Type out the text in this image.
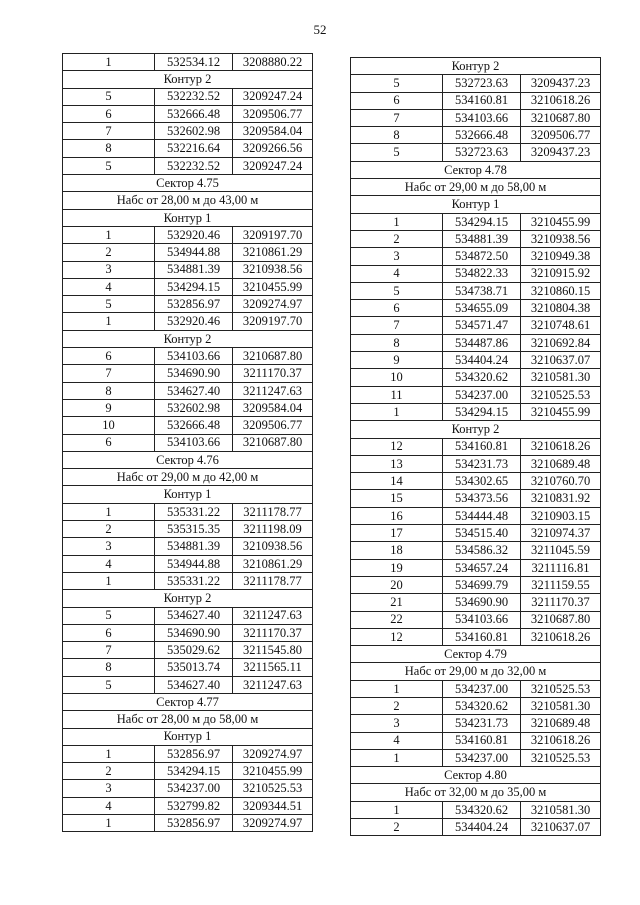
52
1	532534.12	3208880.22
Контур 2		
5	532232.52	3209247.24
6	532666.48	3209506.77
7	532602.98	3209584.04
8	532216.64	3209266.56
5	532232.52	3209247.24
Сектор 4.75		
Набс от 28,00 м до 43,00 м		
Контур 1		
1	532920.46	3209197.70
2	534944.88	3210861.29
3	534881.39	3210938.56
4	534294.15	3210455.99
5	532856.97	3209274.97
1	532920.46	3209197.70
Контур 2		
6	534103.66	3210687.80
7	534690.90	3211170.37
8	534627.40	3211247.63
9	532602.98	3209584.04
10	532666.48	3209506.77
6	534103.66	3210687.80
Сектор 4.76		
Набс от 29,00 м до 42,00 м		
Контур 1		
1	535331.22	3211178.77
2	535315.35	3211198.09
3	534881.39	3210938.56
4	534944.88	3210861.29
1	535331.22	3211178.77
Контур 2		
5	534627.40	3211247.63
6	534690.90	3211170.37
7	535029.62	3211545.80
8	535013.74	3211565.11
5	534627.40	3211247.63
Сектор 4.77		
Набс от 28,00 м до 58,00 м		
Контур 1		
1	532856.97	3209274.97
2	534294.15	3210455.99
3	534237.00	3210525.53
4	532799.82	3209344.51
1	532856.97	3209274.97
Контур 2		
5	532723.63	3209437.23
6	534160.81	3210618.26
7	534103.66	3210687.80
8	532666.48	3209506.77
5	532723.63	3209437.23
Сектор 4.78		
Набс от 29,00 м до 58,00 м		
Контур 1		
1	534294.15	3210455.99
2	534881.39	3210938.56
3	534872.50	3210949.38
4	534822.33	3210915.92
5	534738.71	3210860.15
6	534655.09	3210804.38
7	534571.47	3210748.61
8	534487.86	3210692.84
9	534404.24	3210637.07
10	534320.62	3210581.30
11	534237.00	3210525.53
1	534294.15	3210455.99
Контур 2		
12	534160.81	3210618.26
13	534231.73	3210689.48
14	534302.65	3210760.70
15	534373.56	3210831.92
16	534444.48	3210903.15
17	534515.40	3210974.37
18	534586.32	3211045.59
19	534657.24	3211116.81
20	534699.79	3211159.55
21	534690.90	3211170.37
22	534103.66	3210687.80
12	534160.81	3210618.26
Сектор 4.79		
Набс от 29,00 м до 32,00 м		
1	534237.00	3210525.53
2	534320.62	3210581.30
3	534231.73	3210689.48
4	534160.81	3210618.26
1	534237.00	3210525.53
Сектор 4.80		
Набс от 32,00 м до 35,00 м		
1	534320.62	3210581.30
2	534404.24	3210637.07
